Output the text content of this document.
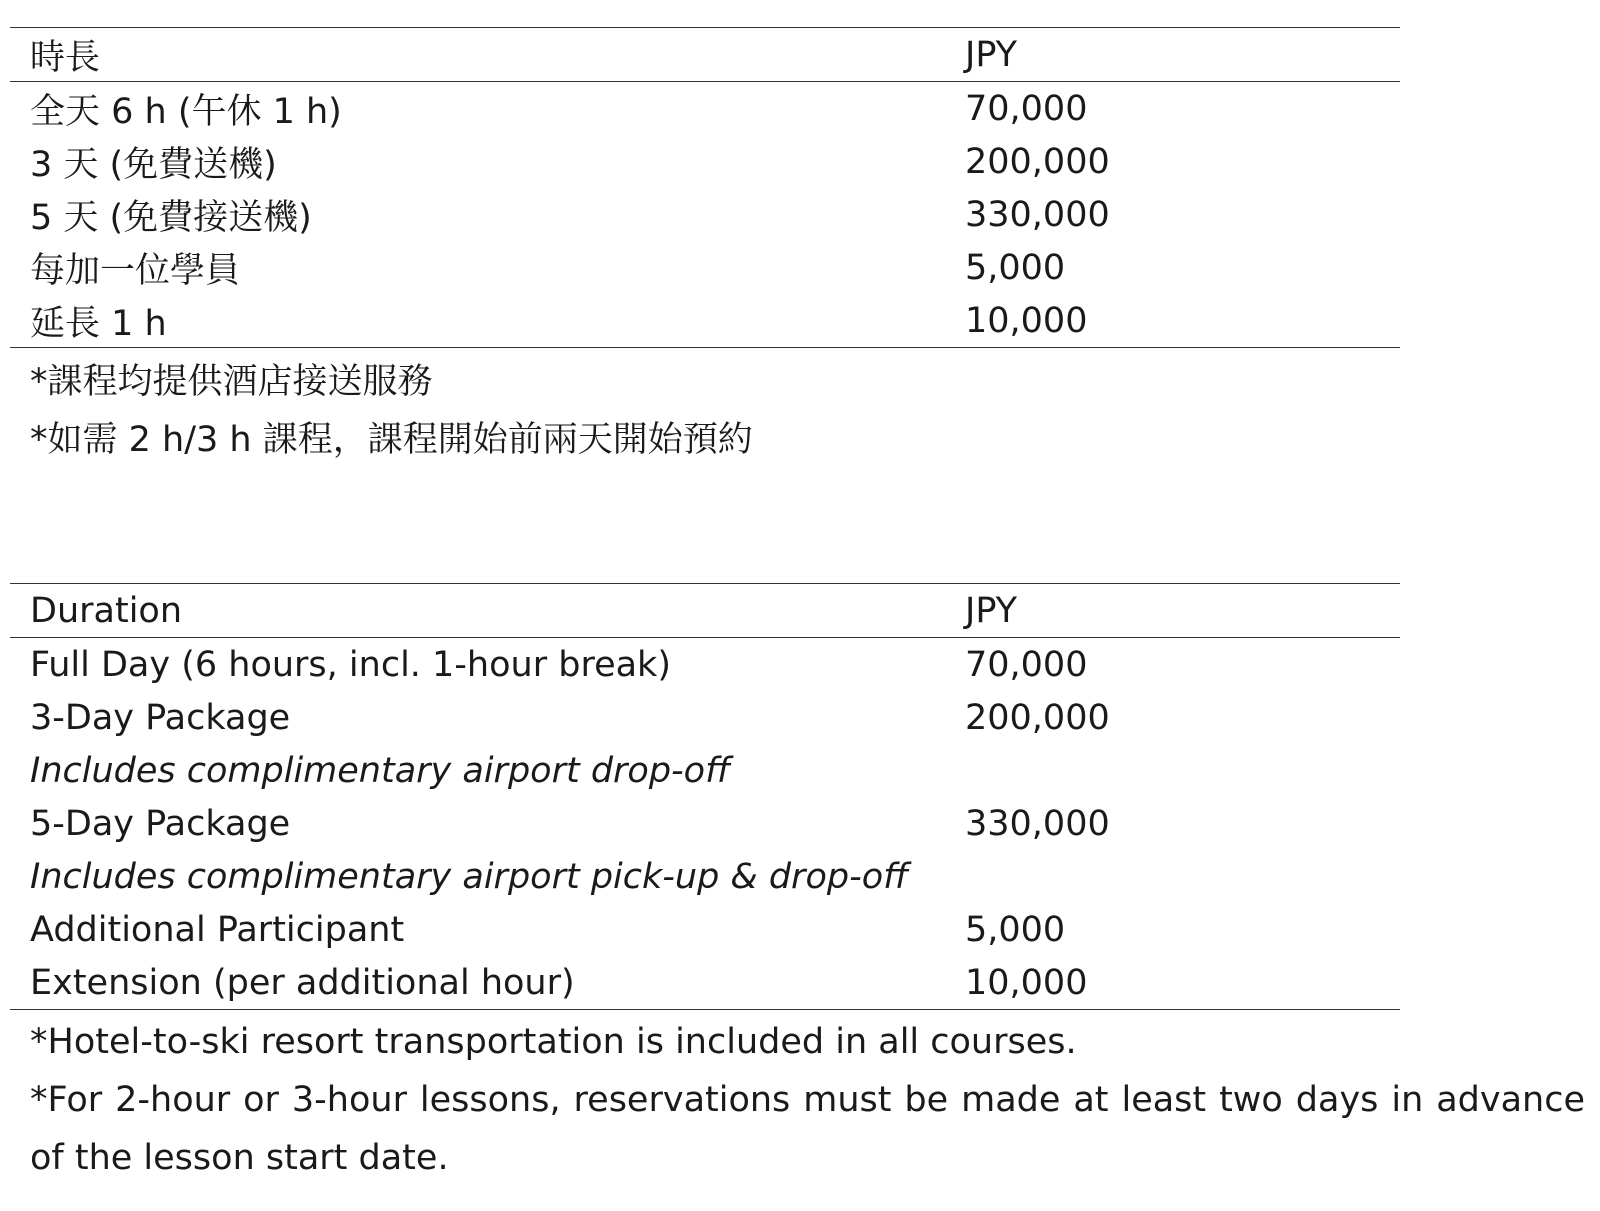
時長	JPY
全天 6 h (午休 1 h)	70,000
3 天 (免費送機)	200,000
5 天 (免費接送機)	330,000
每加一位學員	5,000
延長 1 h	10,000

*課程均提供酒店接送服務

*如需 2 h/3 h 課程，課程開始前兩天開始預約

Duration	JPY
Full Day (6 hours, incl. 1-hour break)	70,000
3-Day Package	200,000
Includes complimentary airport drop-off	
5-Day Package	330,000
Includes complimentary airport pick-up & drop-off	
Additional Participant	5,000
Extension (per additional hour)	10,000

*Hotel-to-ski resort transportation is included in all courses.

*For 2-hour or 3-hour lessons, reservations must be made at least two days in advance of the lesson start date.
